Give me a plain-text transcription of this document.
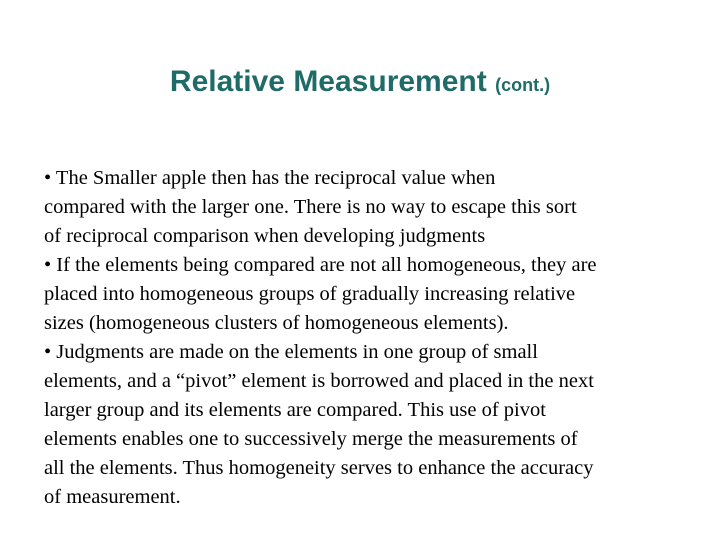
Relative Measurement (cont.)
• The Smaller apple then has the reciprocal value when
compared with the larger one. There is no way to escape this sort
of reciprocal comparison when developing judgments
• If the elements being compared are not all homogeneous, they are
placed into homogeneous groups of gradually increasing relative
sizes (homogeneous clusters of homogeneous elements).
• Judgments are made on the elements in one group of small
elements, and a “pivot” element is borrowed and placed in the next
larger group and its elements are compared. This use of pivot
elements enables one to successively merge the measurements of
all the elements. Thus homogeneity serves to enhance the accuracy
of measurement.
